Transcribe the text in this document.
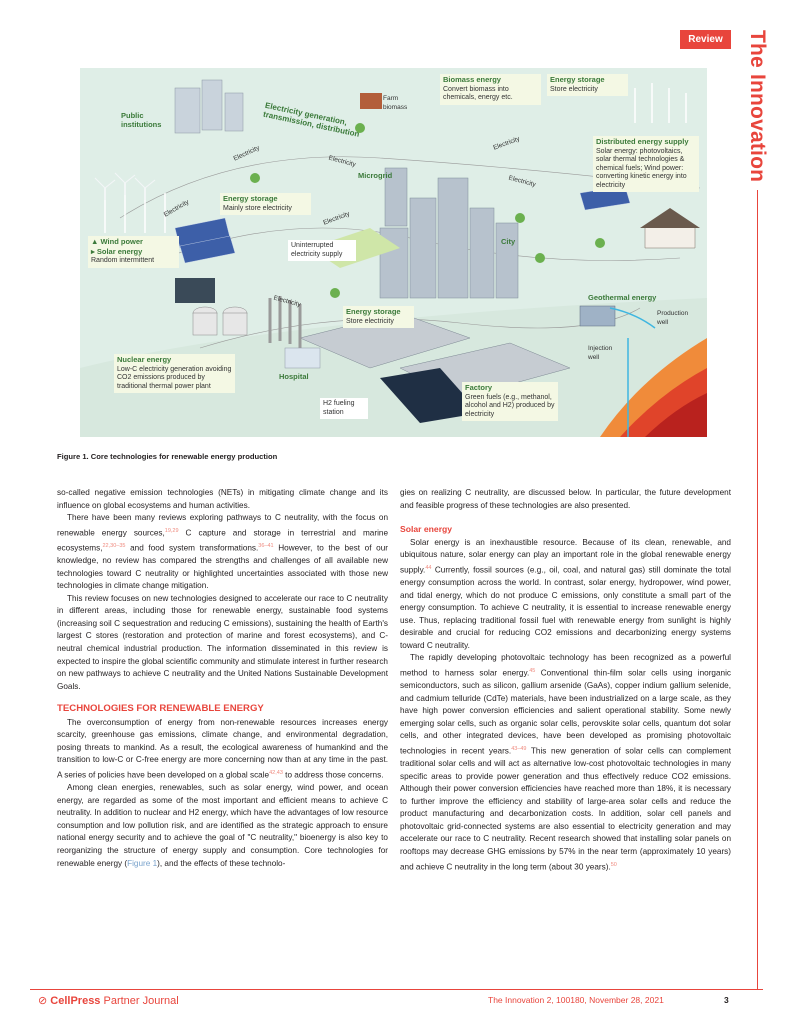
Review	The Innovation
Public institutions	Electricity generation, transmission, distribution
Farm biomass
Biomass energy
Convert biomass into chemicals, energy etc.
Energy storage
Store electricity
Distributed energy supply
Solar energy: photovoltaics, solar thermal technologies & chemical fuels; Wind power: converting kinetic energy into electricity
Microgrid
Energy storage
Mainly store electricity
▲ Wind power
▸ Solar energy
Random intermittent
Uninterrupted electricity supply
City
Geothermal energy
Production well
Injection well
Energy storage
Store electricity
Nuclear energy
Low-C electricity generation avoiding CO2 emissions produced by traditional thermal power plant
Hospital
H2 fueling station
Factory
Green fuels (e.g., methanol, alcohol and H2) produced by electricity
Electricity	Electricity
Electricity
Electricity
Electricity	Electricity
Electricity
Figure 1. Core technologies for renewable energy production

so-called negative emission technologies (NETs) in mitigating climate change and its influence on global ecosystems and human activities.

There have been many reviews exploring pathways to C neutrality, with the focus on renewable energy sources,$^{19,29}$ C capture and storage in terrestrial and marine ecosystems,$^{22,30-35}$ and food system transformations.$^{36-41}$ However, to the best of our knowledge, no review has compared the strengths and challenges of all available new technologies toward C neutrality or highlighted uncertainties associated with those new technologies in climate change mitigation.

This review focuses on new technologies designed to accelerate our race to C neutrality in different areas, including those for renewable energy, sustainable food systems (increasing soil C sequestration and reducing C emissions), sustaining the health of Earth's largest C stores (restoration and protection of marine and forest ecosystems), and C-neutral chemical industrial production. The information disseminated in this review is expected to inspire the global scientific community and stimulate interest in further research on new pathways to achieve C neutrality and the United Nations Sustainable Development Goals.

TECHNOLOGIES FOR RENEWABLE ENERGY

The overconsumption of energy from non-renewable resources increases energy scarcity, greenhouse gas emissions, climate change, and environmental degradation, posing threats to mankind. As a result, the ecological awareness of humankind and the transition to low-C or C-free energy are more concerning now than at any time in the past. A series of policies have been developed on a global scale$^{42,43}$ to address those concerns.

Among clean energies, renewables, such as solar energy, wind power, and ocean energy, are regarded as some of the most important and efficient means to achieve C neutrality. In addition to nuclear and H2 energy, which have the advantages of low resource consumption and low pollution risk, and are identified as the strategic approach to ensure national energy security and to achieve the goal of "C neutrality," bioenergy is also key to reorganizing the structure of energy supply and consumption. Core technologies for renewable energy (Figure 1), and the effects of these technolo-

gies on realizing C neutrality, are discussed below. In particular, the future development and feasible progress of these technologies are also presented.

Solar energy

Solar energy is an inexhaustible resource. Because of its clean, renewable, and ubiquitous nature, solar energy can play an important role in the global renewable energy supply.$^{44}$ Currently, fossil sources (e.g., oil, coal, and natural gas) still dominate the total energy consumption across the world. In contrast, solar energy, hydropower, wind power, and tidal energy, which do not produce C emissions, only constitute a small part of the energy consumption. To achieve C neutrality, it is essential to increase renewable energy use. Thus, replacing traditional fossil fuel with renewable energy from sunlight is highly desirable and crucial for reducing CO2 emissions and decarbonizing energy systems toward C neutrality.

The rapidly developing photovoltaic technology has been recognized as a powerful method to harness solar energy.$^{45}$ Conventional thin-film solar cells using inorganic semiconductors, such as silicon, gallium arsenide (GaAs), copper indium gallium selenide, and cadmium telluride (CdTe) materials, have been industrialized on a large scale, as they have high power conversion efficiencies and salient operational stability. Some newly emerging solar cells, such as organic solar cells, perovskite solar cells, quantum dot solar cells, and other integrated devices, have been developed as promising photovoltaic technologies in recent years.$^{43-49}$ This new generation of solar cells can complement traditional solar cells and will act as alternative low-cost photovoltaic technologies in many specific areas to provide power generation and thus effectively reduce CO2 emissions. Although their power conversion efficiencies have reached more than 18%, it is necessary to further improve the efficiency and stability of large-area solar cells and reduce the product manufacturing and decarbonization costs. In addition, solar cell panels and photovoltaic grid-connected systems are also essential to electricity generation and may accelerate our race to C neutrality. Recent research showed that installing solar panels on rooftops may decrease GHG emissions by 57% in the near term (approximately 10 years) and achieve C neutrality in the long term (about 30 years).$^{50}$

⊘ CellPress Partner Journal	The Innovation 2, 100180, November 28, 2021	3
